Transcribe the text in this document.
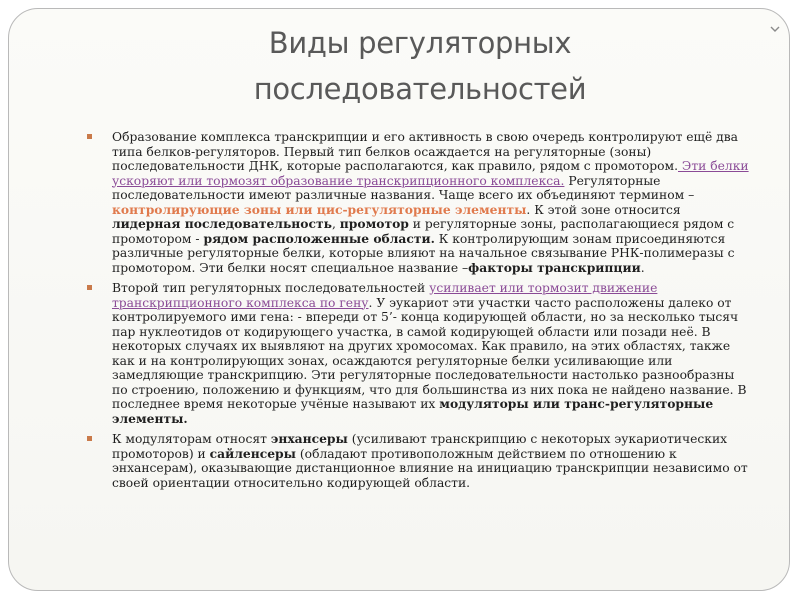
Виды регуляторных
последовательностей
Образование комплекса транскрипции и его активность в свою очередь контролируют ещё два типа белков-регуляторов. Первый тип белков осаждается на регуляторные (зоны) последовательности ДНК, которые располагаются, как правило, рядом с промотором. Эти белки ускоряют или тормозят образование транскрипционного комплекса. Регуляторные последовательности имеют различные названия. Чаще всего их объединяют термином – контролирующие зоны или цис-регуляторные элементы. К этой зоне относится лидерная последовательность, промотор и регуляторные зоны, располагающиеся рядом с промотором - рядом расположенные области. К контролирующим зонам присоединяются различные регуляторные белки, которые влияют на начальное связывание РНК-полимеразы с промотором. Эти белки носят специальное название –факторы транскрипции.
Второй тип регуляторных последовательностей усиливает или тормозит движение транскрипционного комплекса по гену. У эукариот эти участки часто расположены далеко от контролируемого ими гена: - впереди от 5’- конца кодирующей области, но за несколько тысяч пар нуклеотидов от кодирующего участка, в самой кодирующей области или позади неё. В некоторых случаях их выявляют на других хромосомах. Как правило, на этих областях, также как и на контролирующих зонах, осаждаются регуляторные белки усиливающие или замедляющие транскрипцию. Эти регуляторные последовательности настолько разнообразны по строению, положению и функциям, что для большинства из них пока не найдено название. В последнее время некоторые учёные называют их модуляторы или транс-регуляторные элементы.
К модуляторам относят энхансеры (усиливают транскрипцию с некоторых эукариотических промоторов) и сайленсеры (обладают противоположным действием по отношению к энхансерам), оказывающие дистанционное влияние на инициацию транскрипции независимо от своей ориентации относительно кодирующей области.
